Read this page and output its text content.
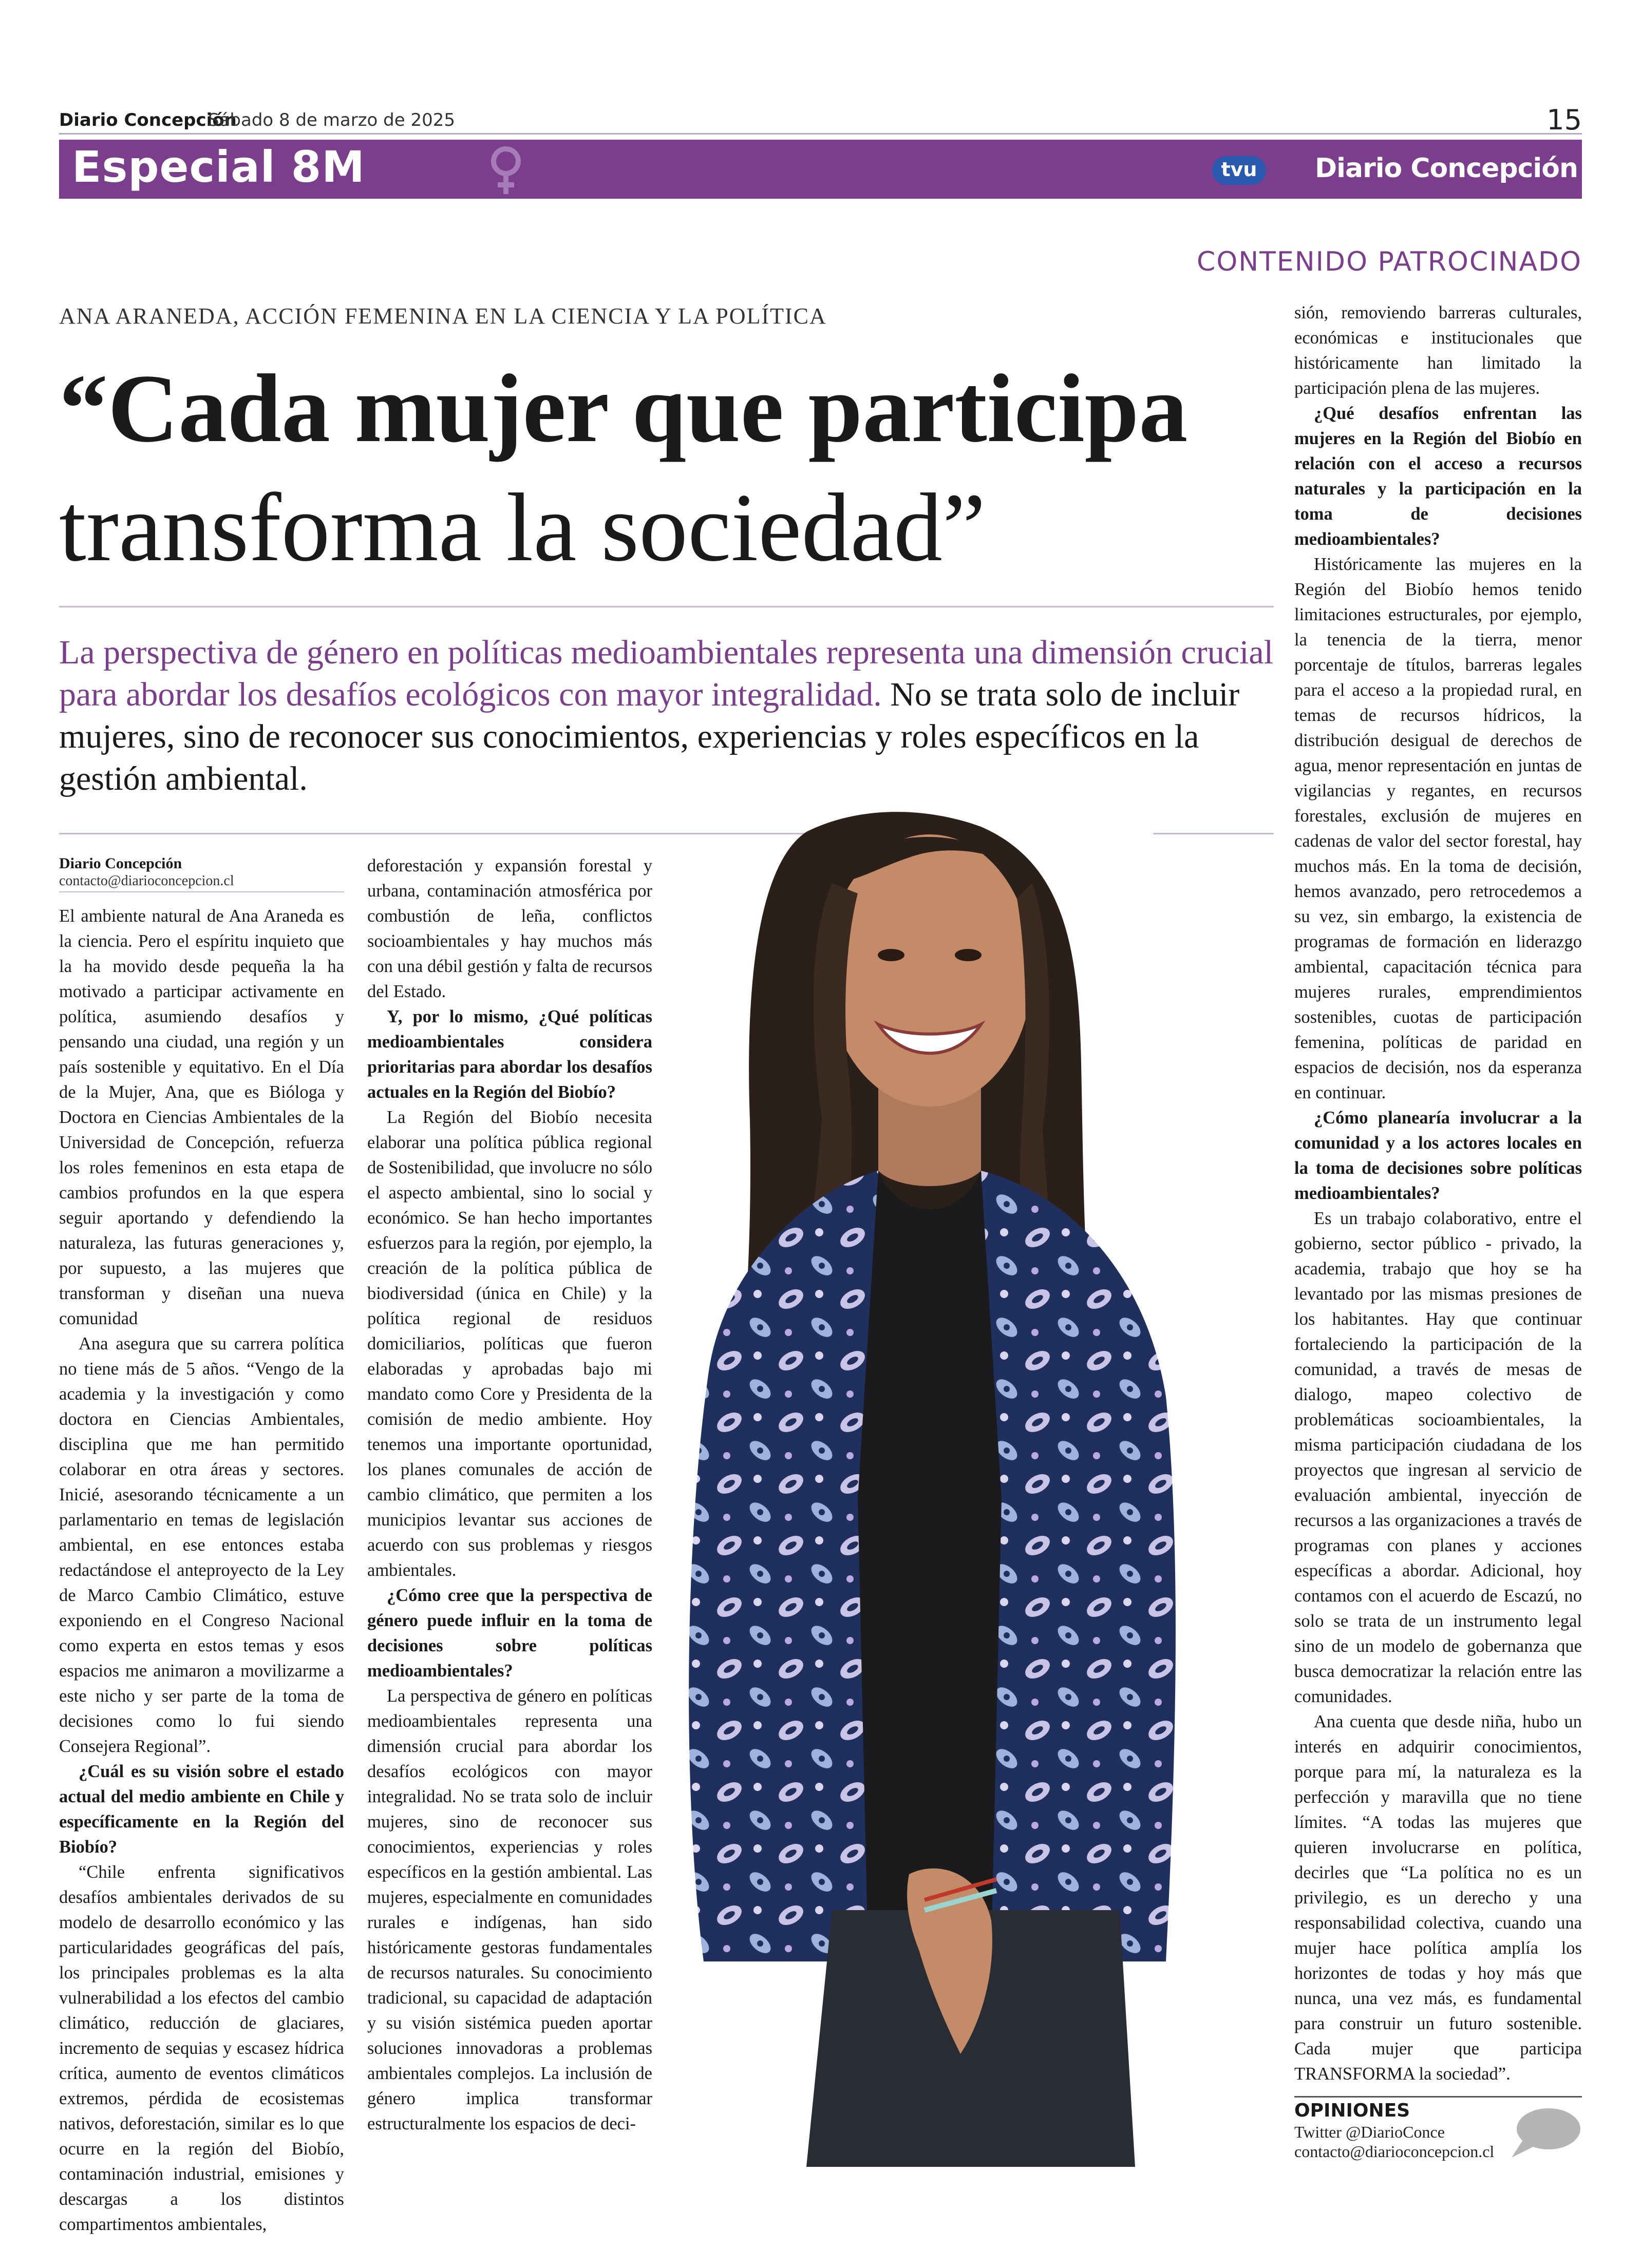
Diario Concepción
Sábado 8 de marzo de 2025	15
Especial 8M	tvu	Diario Concepción
CONTENIDO PATROCINADO
ANA ARANEDA, ACCIÓN FEMENINA EN LA CIENCIA Y LA POLÍTICA
“Cada mujer que participa
transforma la sociedad”
La perspectiva de género en políticas medioambientales representa una dimensión crucial para abordar los desafíos ecológicos con mayor integralidad. No se trata solo de incluir mujeres, sino de reconocer sus conocimientos, experiencias y roles específicos en la gestión ambiental.
Diario Concepción
contacto@diarioconcepcion.cl

El ambiente natural de Ana Araneda es la ciencia. Pero el espíritu inquieto que la ha movido desde pequeña la ha motivado a participar activamente en política, asumiendo desafíos y pensando una ciudad, una región y un país sostenible y equitativo. En el Día de la Mujer, Ana, que es Bióloga y Doctora en Ciencias Ambientales de la Universidad de Concepción, refuerza los roles femeninos en esta etapa de cambios profundos en la que espera seguir aportando y defendiendo la naturaleza, las futuras generaciones y, por supuesto, a las mujeres que transforman y diseñan una nueva comunidad

Ana asegura que su carrera política no tiene más de 5 años. “Vengo de la academia y la investigación y como doctora en Ciencias Ambientales, disciplina que me han permitido colaborar en otra áreas y sectores. Inicié, asesorando técnicamente a un parlamentario en temas de legislación ambiental, en ese entonces estaba redactándose el anteproyecto de la Ley de Marco Cambio Climático, estuve exponiendo en el Congreso Nacional como experta en estos temas y esos espacios me animaron a movilizarme a este nicho y ser parte de la toma de decisiones como lo fui siendo Consejera Regional”.

¿Cuál es su visión sobre el estado actual del medio ambiente en Chile y específicamente en la Región del Biobío?

“Chile enfrenta significativos desafíos ambientales derivados de su modelo de desarrollo económico y las particularidades geográficas del país, los principales problemas es la alta vulnerabilidad a los efectos del cambio climático, reducción de glaciares, incremento de sequias y escasez hídrica crítica, aumento de eventos climáticos extremos, pérdida de ecosistemas nativos, deforestación, similar es lo que ocurre en la región del Biobío, contaminación industrial, emisiones y descargas a los distintos compartimentos ambientales,

deforestación y expansión forestal y urbana, contaminación atmosférica por combustión de leña, conflictos socioambientales y hay muchos más con una débil gestión y falta de recursos del Estado.

Y, por lo mismo, ¿Qué políticas medioambientales considera prioritarias para abordar los desafíos actuales en la Región del Biobío?

La Región del Biobío necesita elaborar una política pública regional de Sostenibilidad, que involucre no sólo el aspecto ambiental, sino lo social y económico. Se han hecho importantes esfuerzos para la región, por ejemplo, la creación de la política pública de biodiversidad (única en Chile) y la política regional de residuos domiciliarios, políticas que fueron elaboradas y aprobadas bajo mi mandato como Core y Presidenta de la comisión de medio ambiente. Hoy tenemos una importante oportunidad, los planes comunales de acción de cambio climático, que permiten a los municipios levantar sus acciones de acuerdo con sus problemas y riesgos ambientales.

¿Cómo cree que la perspectiva de género puede influir en la toma de decisiones sobre políticas medioambientales?

La perspectiva de género en políticas medioambientales representa una dimensión crucial para abordar los desafíos ecológicos con mayor integralidad. No se trata solo de incluir mujeres, sino de reconocer sus conocimientos, experiencias y roles específicos en la gestión ambiental. Las mujeres, especialmente en comunidades rurales e indígenas, han sido históricamente gestoras fundamentales de recursos naturales. Su conocimiento tradicional, su capacidad de adaptación y su visión sistémica pueden aportar soluciones innovadoras a problemas ambientales complejos. La inclusión de género implica transformar estructuralmente los espacios de deci-

sión, removiendo barreras culturales, económicas e institucionales que históricamente han limitado la participación plena de las mujeres.

¿Qué desafíos enfrentan las mujeres en la Región del Biobío en relación con el acceso a recursos naturales y la participación en la toma de decisiones medioambientales?

Históricamente las mujeres en la Región del Biobío hemos tenido limitaciones estructurales, por ejemplo, la tenencia de la tierra, menor porcentaje de títulos, barreras legales para el acceso a la propiedad rural, en temas de recursos hídricos, la distribución desigual de derechos de agua, menor representación en juntas de vigilancias y regantes, en recursos forestales, exclusión de mujeres en cadenas de valor del sector forestal, hay muchos más. En la toma de decisión, hemos avanzado, pero retrocedemos a su vez, sin embargo, la existencia de programas de formación en liderazgo ambiental, capacitación técnica para mujeres rurales, emprendimientos sostenibles, cuotas de participación femenina, políticas de paridad en espacios de decisión, nos da esperanza en continuar.

¿Cómo planearía involucrar a la comunidad y a los actores locales en la toma de decisiones sobre políticas medioambientales?

Es un trabajo colaborativo, entre el gobierno, sector público - privado, la academia, trabajo que hoy se ha levantado por las mismas presiones de los habitantes. Hay que continuar fortaleciendo la participación de la comunidad, a través de mesas de dialogo, mapeo colectivo de problemáticas socioambientales, la misma participación ciudadana de los proyectos que ingresan al servicio de evaluación ambiental, inyección de recursos a las organizaciones a través de programas con planes y acciones específicas a abordar. Adicional, hoy contamos con el acuerdo de Escazú, no solo se trata de un instrumento legal sino de un modelo de gobernanza que busca democratizar la relación entre las comunidades.

Ana cuenta que desde niña, hubo un interés en adquirir conocimientos, porque para mí, la naturaleza es la perfección y maravilla que no tiene límites. “A todas las mujeres que quieren involucrarse en política, decirles que “La política no es un privilegio, es un derecho y una responsabilidad colectiva, cuando una mujer hace política amplía los horizontes de todas y hoy más que nunca, una vez más, es fundamental para construir un futuro sostenible. Cada mujer que participa TRANSFORMA la sociedad”.

OPINIONES
Twitter @DiarioConce
contacto@diarioconcepcion.cl
